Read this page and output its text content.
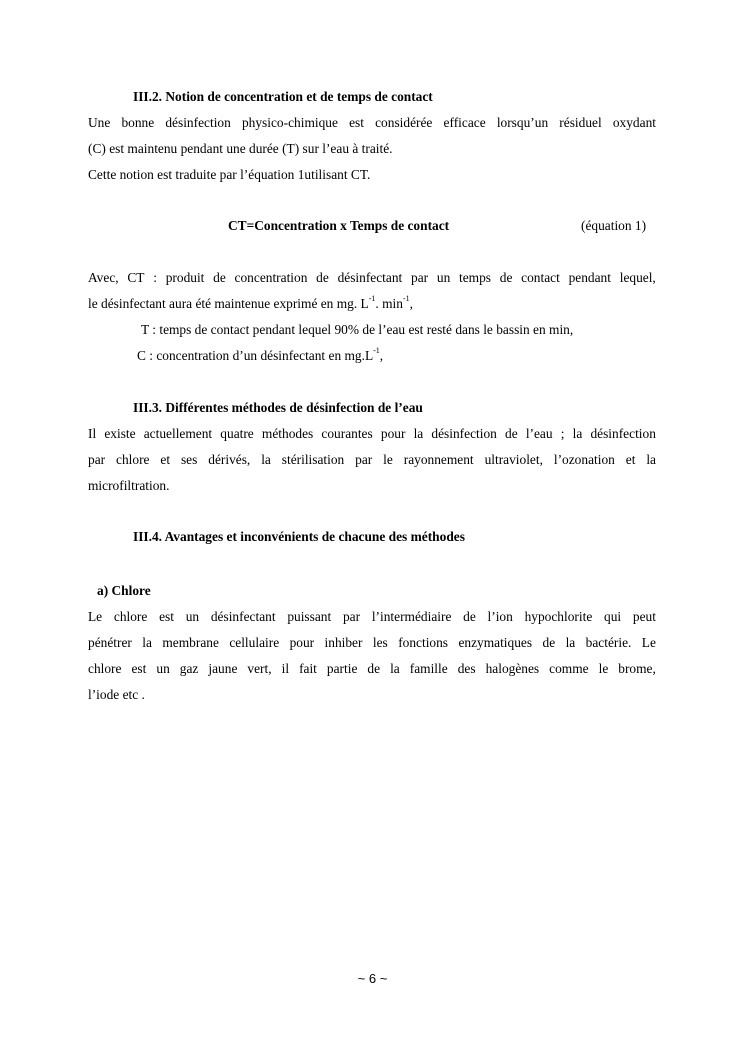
III.2. Notion de concentration et de temps de contact
Une bonne désinfection physico-chimique est considérée efficace lorsqu’un résiduel oxydant
(C) est maintenu pendant une durée (T) sur l’eau à traité.
Cette notion est traduite par l’équation 1utilisant CT.
CT=Concentration x Temps de contact	(équation 1)
Avec, CT : produit de concentration de désinfectant par un temps de contact pendant lequel,
le désinfectant aura été maintenue exprimé en mg. $L^{-1}$. $\min^{-1}$,
T : temps de contact pendant lequel 90% de l’eau est resté dans le bassin en min,
C : concentration d’un désinfectant en $mg.L^{-1}$,
III.3. Différentes méthodes de désinfection de l’eau
Il existe actuellement quatre méthodes courantes pour la désinfection de l’eau ; la désinfection
par chlore et ses dérivés, la stérilisation par le rayonnement ultraviolet, l’ozonation et la
microfiltration.
III.4. Avantages et inconvénients de chacune des méthodes
a) Chlore
Le chlore est un désinfectant puissant par l’intermédiaire de l’ion hypochlorite qui peut
pénétrer la membrane cellulaire pour inhiber les fonctions enzymatiques de la bactérie. Le
chlore est un gaz jaune vert, il fait partie de la famille des halogènes comme le brome,
l’iode etc .
~ 6 ~
